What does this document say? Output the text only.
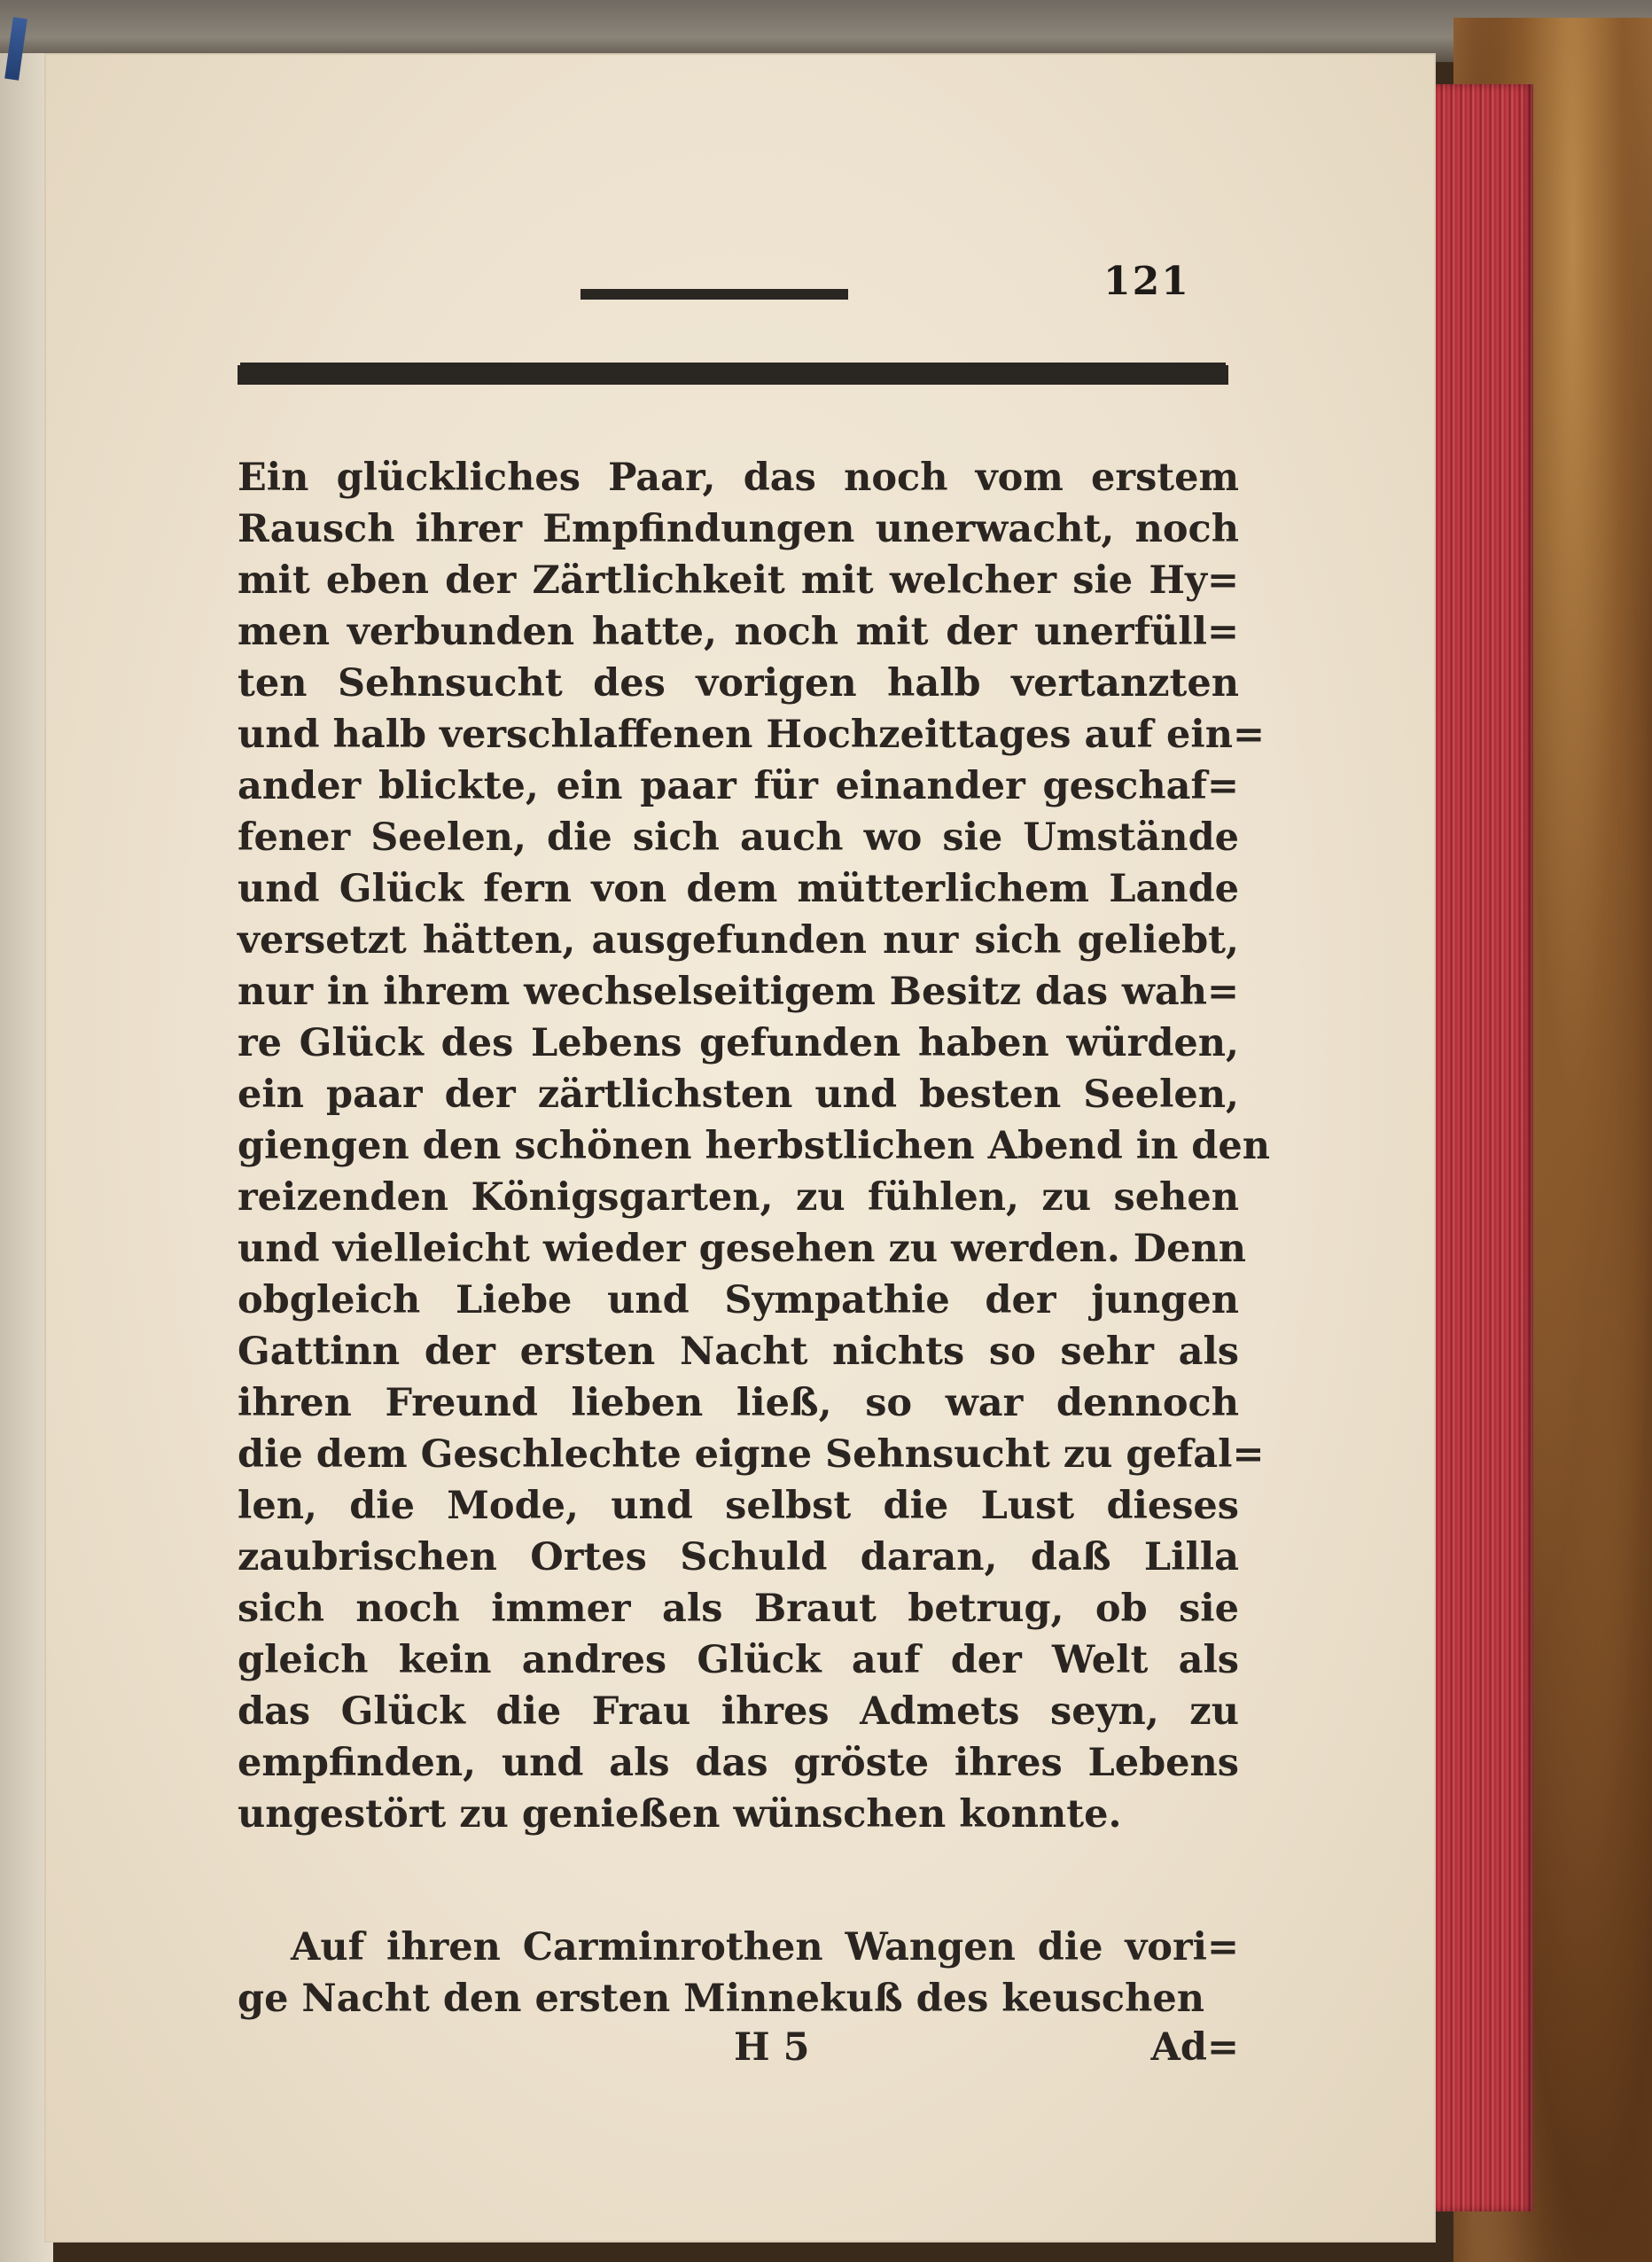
121
Ein glückliches Paar, das noch vom erstem
Rausch ihrer Empfindungen unerwacht, noch
mit eben der Zärtlichkeit mit welcher sie Hy=
men verbunden hatte, noch mit der unerfüll=
ten Sehnsucht des vorigen halb vertanzten
und halb verschlaffenen Hochzeittages auf ein=
ander blickte, ein paar für einander geschaf=
fener Seelen, die sich auch wo sie Umstände
und Glück fern von dem mütterlichem Lande
versetzt hätten, ausgefunden nur sich geliebt,
nur in ihrem wechselseitigem Besitz das wah=
re Glück des Lebens gefunden haben würden,
ein paar der zärtlichsten und besten Seelen,
giengen den schönen herbstlichen Abend in den
reizenden Königsgarten, zu fühlen, zu sehen
und vielleicht wieder gesehen zu werden. Denn
obgleich Liebe und Sympathie der jungen
Gattinn der ersten Nacht nichts so sehr als
ihren Freund lieben ließ, so war dennoch
die dem Geschlechte eigne Sehnsucht zu gefal=
len, die Mode, und selbst die Lust dieses
zaubrischen Ortes Schuld daran, daß Lilla
sich noch immer als Braut betrug, ob sie
gleich kein andres Glück auf der Welt als
das Glück die Frau ihres Admets seyn, zu
empfinden, und als das gröste ihres Lebens
ungestört zu genießen wünschen konnte.
Auf ihren Carminrothen Wangen die vori=
ge Nacht den ersten Minnekuß des keuschen
H 5	Ad=
